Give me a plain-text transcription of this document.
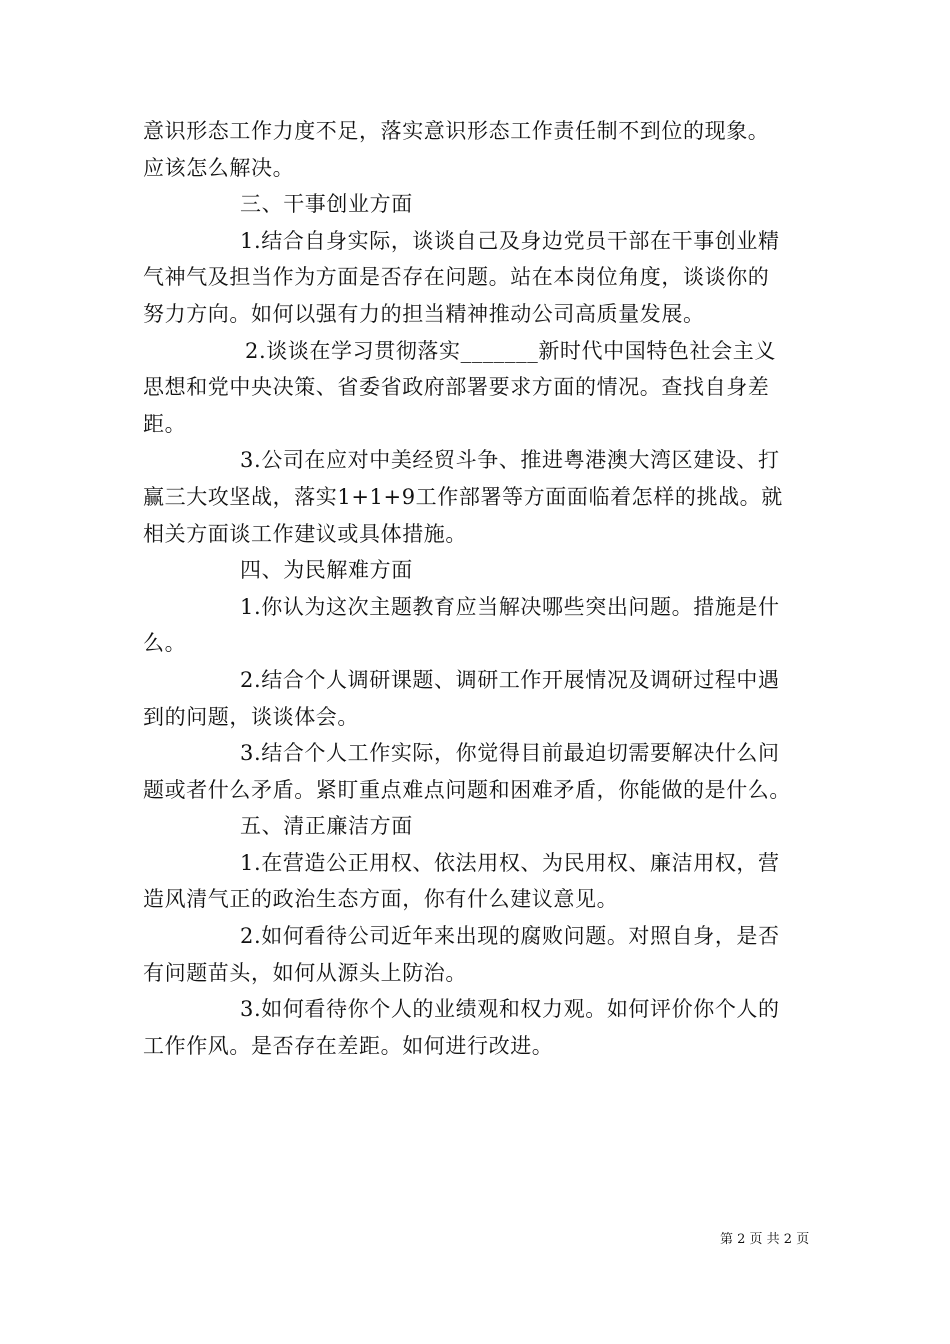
意识形态工作力度不足，落实意识形态工作责任制不到位的现象。
应该怎么解决。
三、干事创业方面
1.结合自身实际，谈谈自己及身边党员干部在干事创业精
气神气及担当作为方面是否存在问题。站在本岗位角度，谈谈你的
努力方向。如何以强有力的担当精神推动公司高质量发展。
2.谈谈在学习贯彻落实_______新时代中国特色社会主义
思想和党中央决策、省委省政府部署要求方面的情况。查找自身差
距。
3.公司在应对中美经贸斗争、推进粤港澳大湾区建设、打
赢三大攻坚战，落实1+1+9工作部署等方面面临着怎样的挑战。就
相关方面谈工作建议或具体措施。
四、为民解难方面
1.你认为这次主题教育应当解决哪些突出问题。措施是什
么。
2.结合个人调研课题、调研工作开展情况及调研过程中遇
到的问题，谈谈体会。
3.结合个人工作实际，你觉得目前最迫切需要解决什么问
题或者什么矛盾。紧盯重点难点问题和困难矛盾，你能做的是什么。
五、清正廉洁方面
1.在营造公正用权、依法用权、为民用权、廉洁用权，营
造风清气正的政治生态方面，你有什么建议意见。
2.如何看待公司近年来出现的腐败问题。对照自身，是否
有问题苗头，如何从源头上防治。
3.如何看待你个人的业绩观和权力观。如何评价你个人的
工作作风。是否存在差距。如何进行改进。
第 2 页 共 2 页
